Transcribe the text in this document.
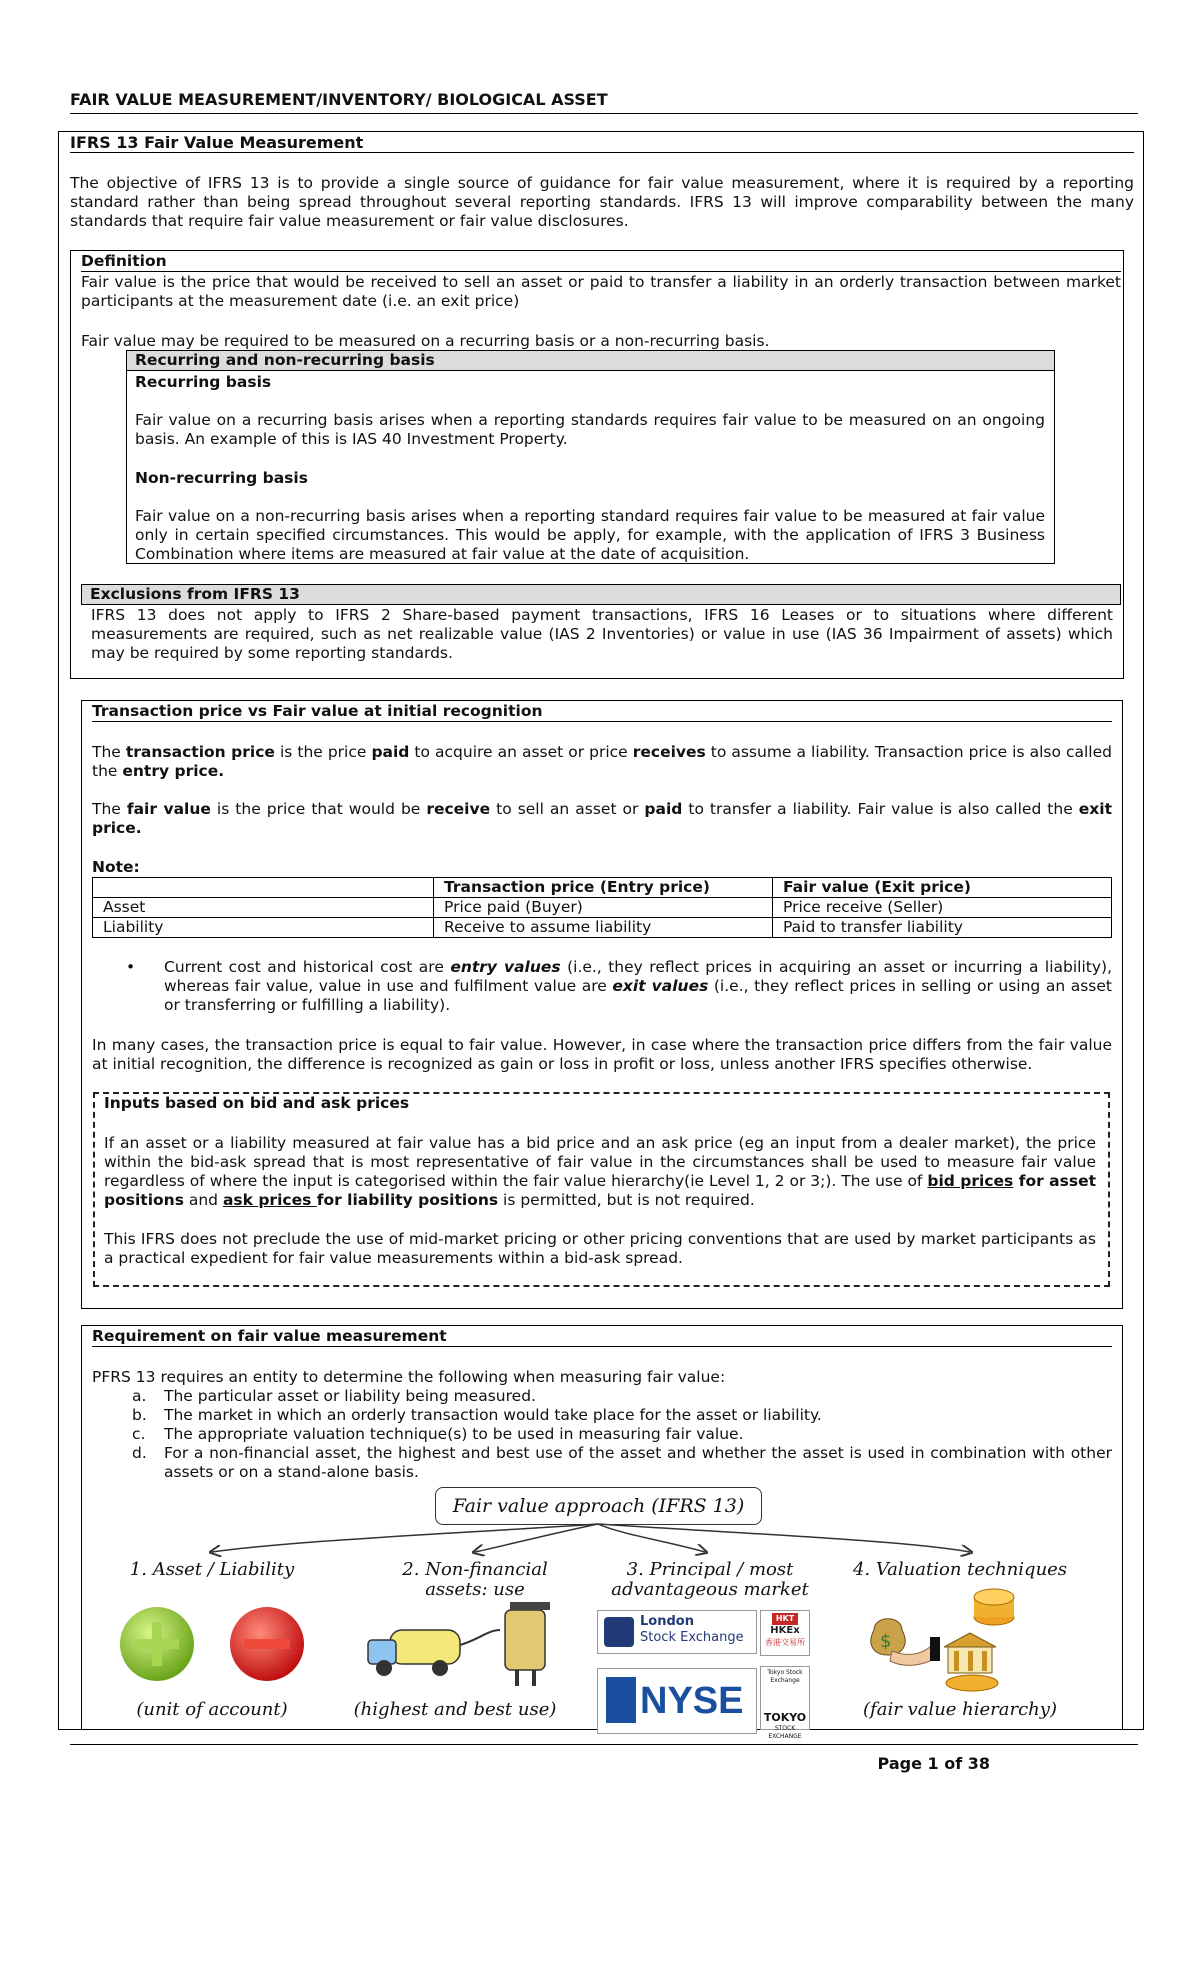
FAIR VALUE MEASUREMENT/INVENTORY/ BIOLOGICAL ASSET
IFRS 13 Fair Value Measurement
The objective of IFRS 13 is to provide a single source of guidance for fair value measurement, where it is required by a reporting standard rather than being spread throughout several reporting standards. IFRS 13 will improve comparability between the many standards that require fair value measurement or fair value disclosures.
Definition
Fair value is the price that would be received to sell an asset or paid to transfer a liability in an orderly transaction between market participants at the measurement date (i.e. an exit price)
Fair value may be required to be measured on a recurring basis or a non-recurring basis.
Recurring and non-recurring basis
Recurring basis
Fair value on a recurring basis arises when a reporting standards requires fair value to be measured on an ongoing basis. An example of this is IAS 40 Investment Property.
Non-recurring basis
Fair value on a non-recurring basis arises when a reporting standard requires fair value to be measured at fair value only in certain specified circumstances. This would be apply, for example, with the application of IFRS 3 Business Combination where items are measured at fair value at the date of acquisition.
Exclusions from IFRS 13
IFRS 13 does not apply to IFRS 2 Share-based payment transactions, IFRS 16 Leases or to situations where different measurements are required, such as net realizable value (IAS 2 Inventories) or value in use (IAS 36 Impairment of assets) which may be required by some reporting standards.
Transaction price vs Fair value at initial recognition
The transaction price is the price paid to acquire an asset or price receives to assume a liability. Transaction price is also called the entry price.
The fair value is the price that would be receive to sell an asset or paid to transfer a liability. Fair value is also called the exit price.
Note:
	Transaction price (Entry price)	Fair value (Exit price)
Asset	Price paid (Buyer)	Price receive (Seller)
Liability	Receive to assume liability	Paid to transfer liability
• Current cost and historical cost are entry values (i.e., they reflect prices in acquiring an asset or incurring a liability), whereas fair value, value in use and fulfilment value are exit values (i.e., they reflect prices in selling or using an asset or transferring or fulfilling a liability).
In many cases, the transaction price is equal to fair value. However, in case where the transaction price differs from the fair value at initial recognition, the difference is recognized as gain or loss in profit or loss, unless another IFRS specifies otherwise.
Inputs based on bid and ask prices
If an asset or a liability measured at fair value has a bid price and an ask price (eg an input from a dealer market), the price within the bid-ask spread that is most representative of fair value in the circumstances shall be used to measure fair value regardless of where the input is categorised within the fair value hierarchy(ie Level 1, 2 or 3;). The use of bid prices for asset positions and ask prices for liability positions is permitted, but is not required.
This IFRS does not preclude the use of mid-market pricing or other pricing conventions that are used by market participants as a practical expedient for fair value measurements within a bid-ask spread.
Requirement on fair value measurement
PFRS 13 requires an entity to determine the following when measuring fair value:
a. The particular asset or liability being measured.
b. The market in which an orderly transaction would take place for the asset or liability.
c. The appropriate valuation technique(s) to be used in measuring fair value.
d. For a non-financial asset, the highest and best use of the asset and whether the asset is used in combination with other assets or on a stand-alone basis.
Fair value approach (IFRS 13)
1. Asset / Liability	2. Non-financial
assets: use
3. Principal / most
advantageous market
4. Valuation techniques
London
Stock Exchange
HKT
HKEx
香港交易所
NYSE
Tokyo Stock Exchange
TOKYO
STOCK EXCHANGE
$
(unit of account)	(highest and best use)	(fair value hierarchy)
Page 1 of 38
